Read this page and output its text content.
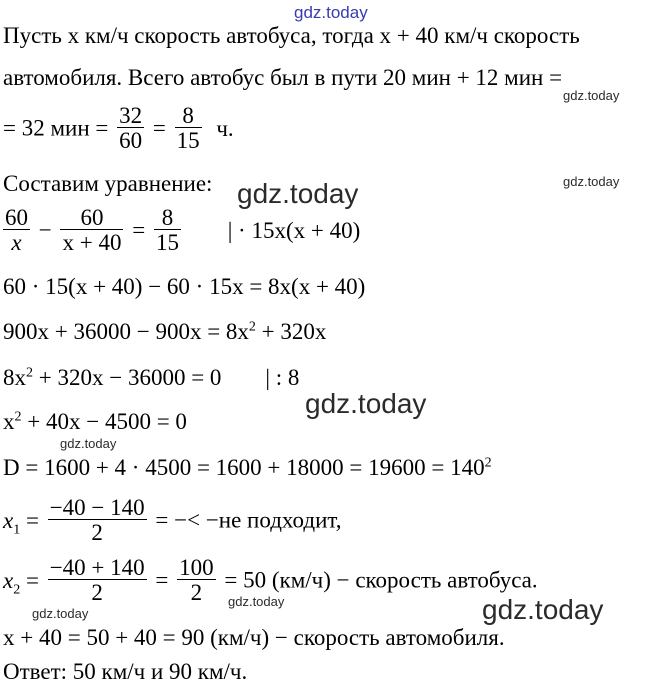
gdz.today
Пусть x км/ч скорость автобуса, тогда x + 40 км/ч скорость
автомобиля. Всего автобус был в пути 20 мин + 12 мин =
gdz.today
= 32 мин = $\frac{32}{60} = \frac{8}{15} ч$.
Составим уравнение: gdz.today	gdz.today
$\frac{60}{x} - \frac{60}{x + 40} = \frac{8}{15}$ | · 15x(x + 40)
60 · 15(x + 40) − 60 · 15x = 8x(x + 40)
$900x + 36000 - 900x = 8x^2 + 320x$
$8x^2 + 320x - 36000 = 0$ | : 8
gdz.today
$x^2 + 40x - 4500 = 0$
gdz.today
$D = 1600 + 4 \cdot 4500 = 1600 + 18000 = 19600 = 140^2$
$x_1 = \frac{-40 - 140}{2}$ = −< −не подходит,
$x_2 = \frac{-40 + 140}{2} = \frac{100}{2} = 50$ (км/ч) − скорость автобуса.
gdz.today
gdz.today	gdz.today
x + 40 = 50 + 40 = 90 (км/ч) − скорость автомобиля.
Ответ: 50 км/ч и 90 км/ч.
